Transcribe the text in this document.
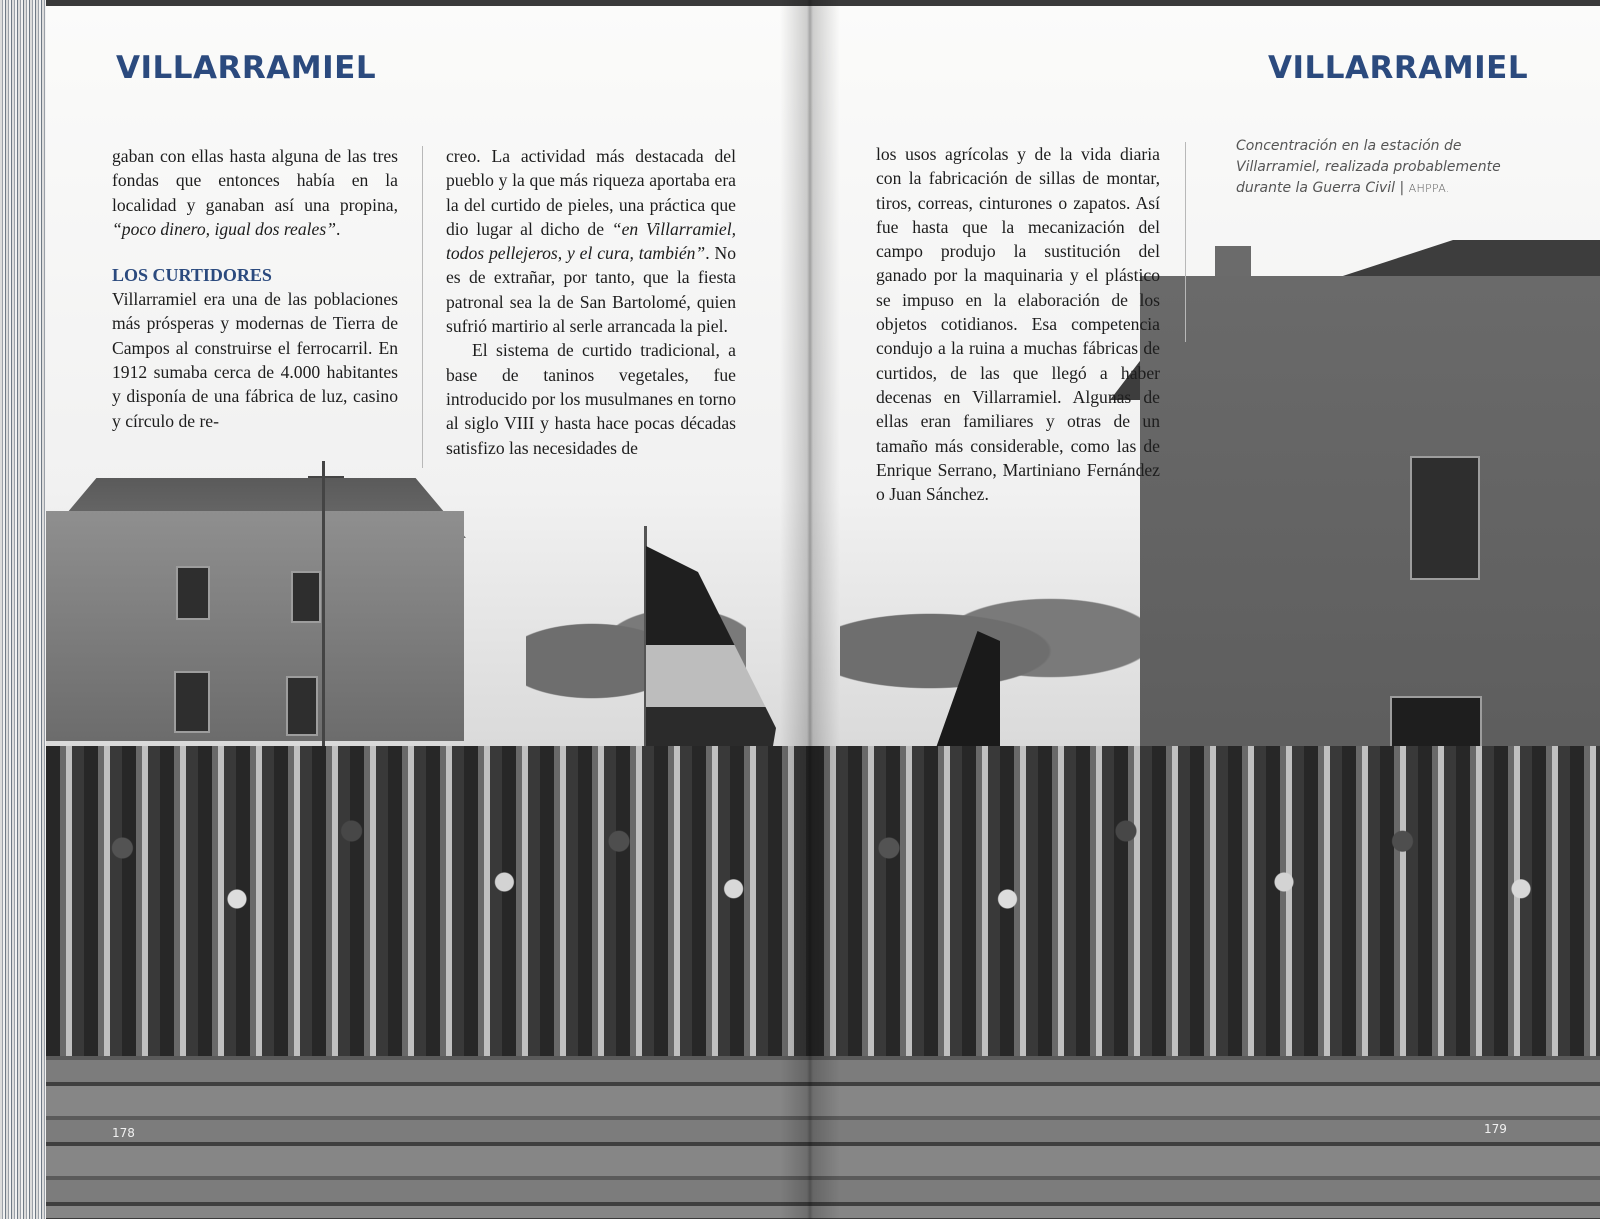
VILLARRAMIEL

gaban con ellas hasta alguna de las tres fondas que entonces había en la localidad y ganaban así una propina, “poco dinero, igual dos reales”.

LOS CURTIDORES

Villarramiel era una de las poblaciones más prósperas y modernas de Tierra de Campos al construirse el ferrocarril. En 1912 sumaba cerca de 4.000 habitantes y disponía de una fábrica de luz, casino y círculo de re-

creo. La actividad más destacada del pueblo y la que más riqueza aportaba era la del curtido de pieles, una práctica que dio lugar al dicho de “en Villarramiel, todos pellejeros, y el cura, también”. No es de extrañar, por tanto, que la fiesta patronal sea la de San Bartolomé, quien sufrió martirio al serle arrancada la piel.

El sistema de curtido tradicional, a base de taninos vegetales, fue introducido por los musulmanes en torno al siglo VIII y hasta hace pocas décadas satisfizo las necesidades de

178
VILLARRAMIEL

los usos agrícolas y de la vida diaria con la fabricación de sillas de montar, tiros, correas, cinturones o zapatos. Así fue hasta que la mecanización del campo produjo la sustitución del ganado por la maquinaria y el plástico se impuso en la elaboración de los objetos cotidianos. Esa competencia condujo a la ruina a muchas fábricas de curtidos, de las que llegó a haber decenas en Villarramiel. Algunas de ellas eran familiares y otras de un tamaño más considerable, como las de Enrique Serrano, Martiniano Fernández o Juan Sánchez.

Concentración en la estación de Villarramiel, realizada probablemente durante la Guerra Civil | AHPPA.
179
